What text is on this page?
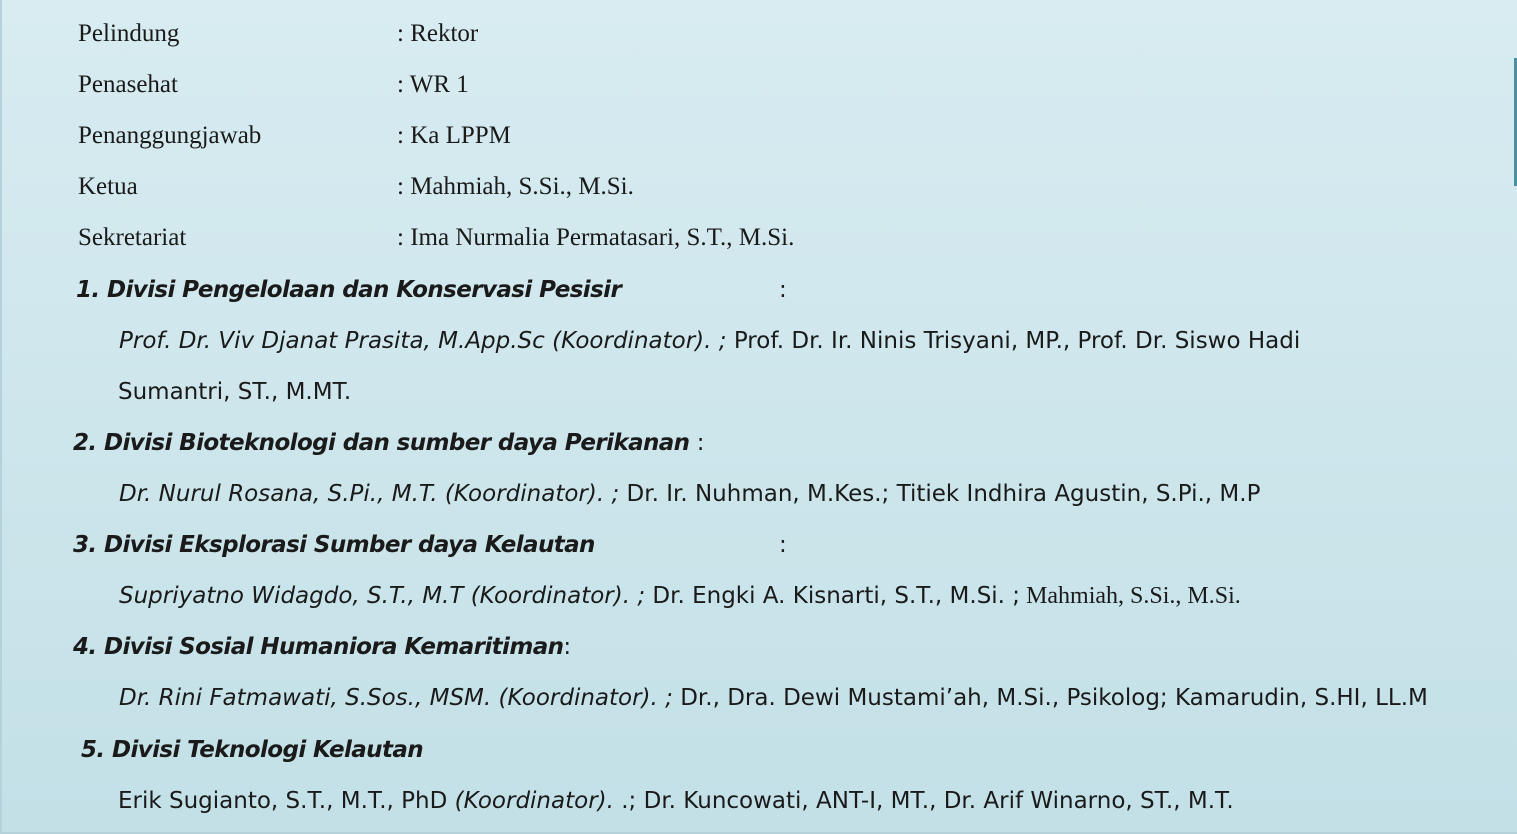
Pelindung	: Rektor
Penasehat	: WR 1
Penanggungjawab	: Ka LPPM
Ketua	: Mahmiah, S.Si., M.Si.
Sekretariat	: Ima Nurmalia Permatasari, S.T., M.Si.
1. Divisi Pengelolaan dan Konservasi Pesisir	:
Prof. Dr. Viv Djanat Prasita, M.App.Sc (Koordinator). ; Prof. Dr. Ir. Ninis Trisyani, MP., Prof. Dr. Siswo Hadi
Sumantri, ST., M.MT.
2. Divisi Bioteknologi dan sumber daya Perikanan :
Dr. Nurul Rosana, S.Pi., M.T. (Koordinator). ; Dr. Ir. Nuhman, M.Kes.; Titiek Indhira Agustin, S.Pi., M.P
3. Divisi Eksplorasi Sumber daya Kelautan	:
Supriyatno Widagdo, S.T., M.T (Koordinator). ; Dr. Engki A. Kisnarti, S.T., M.Si. ; Mahmiah, S.Si., M.Si.
4. Divisi Sosial Humaniora Kemaritiman:
Dr. Rini Fatmawati, S.Sos., MSM. (Koordinator). ; Dr., Dra. Dewi Mustami’ah, M.Si., Psikolog; Kamarudin, S.HI, LL.M
5. Divisi Teknologi Kelautan
Erik Sugianto, S.T., M.T., PhD (Koordinator). .; Dr. Kuncowati, ANT-I, MT., Dr. Arif Winarno, ST., M.T.
